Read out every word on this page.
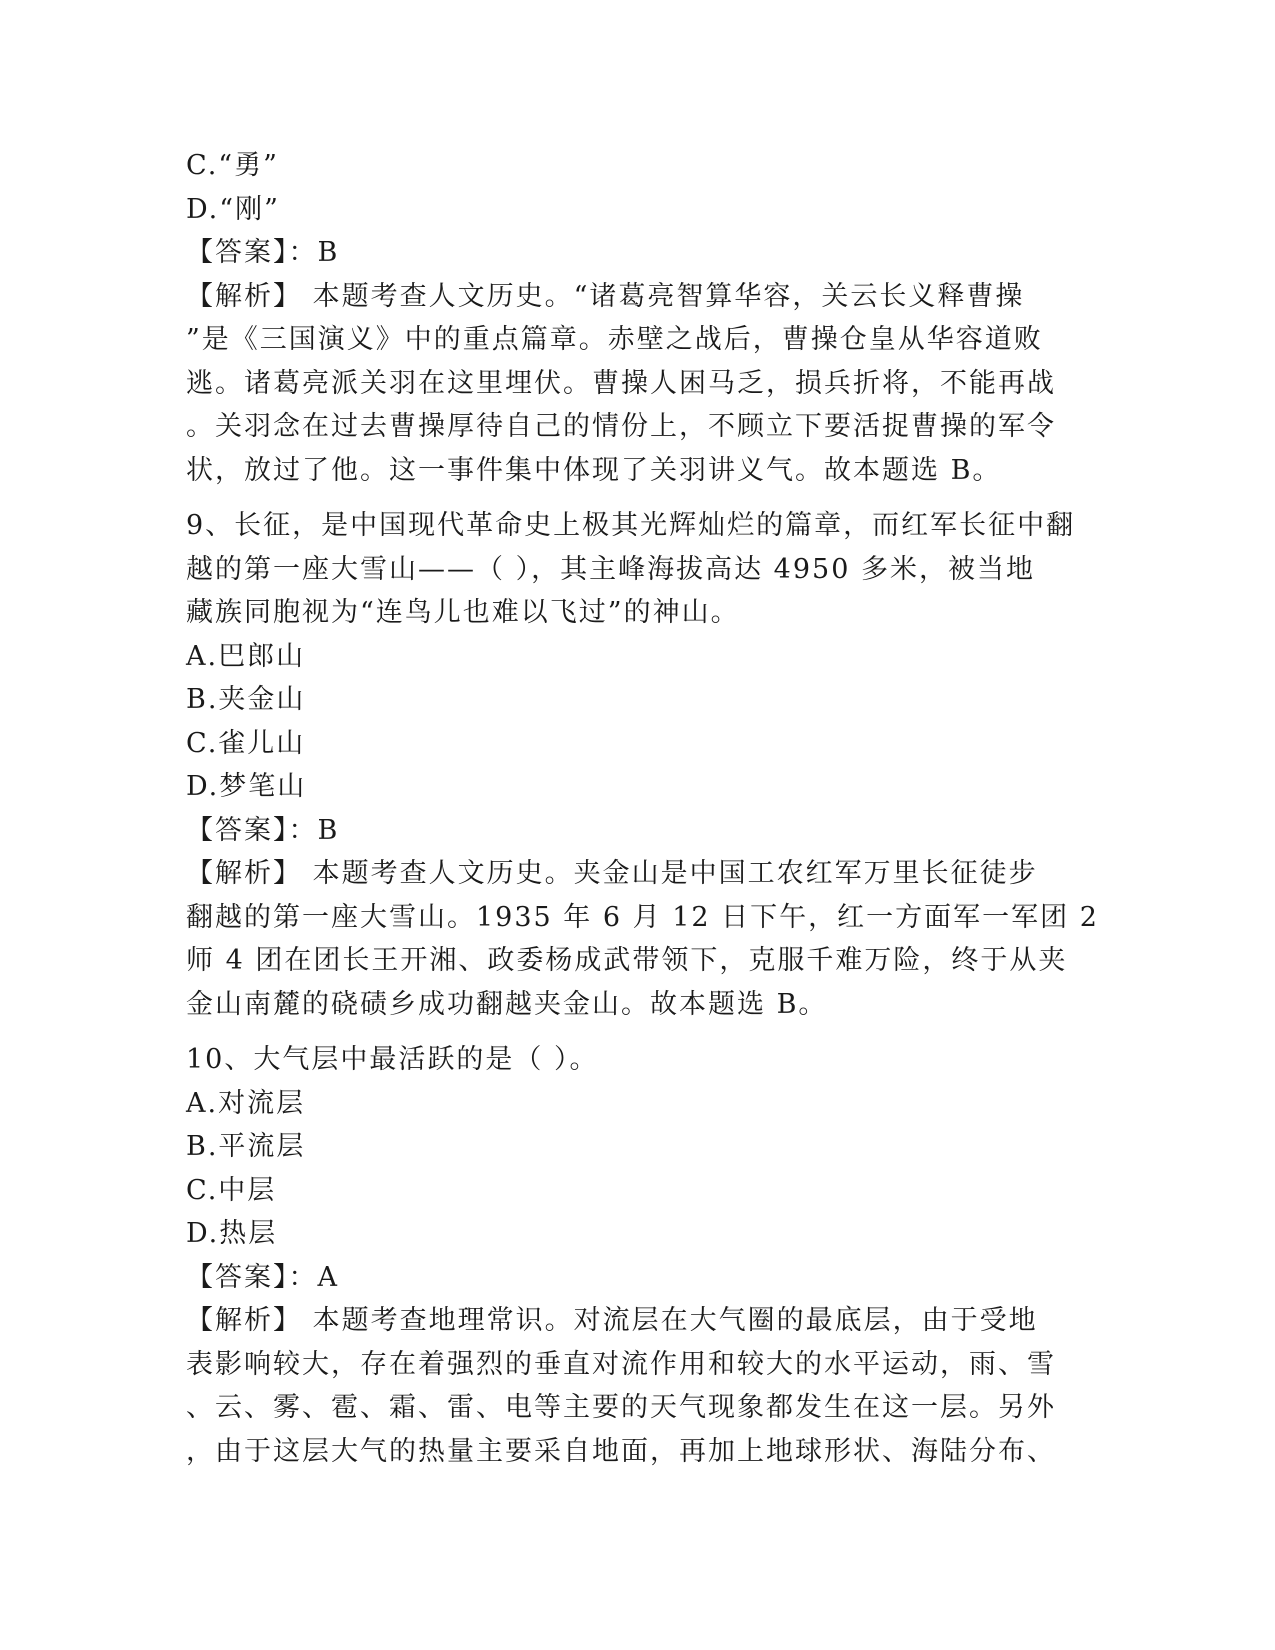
C.“勇”
D.“刚”
【答案】：B
【解析】 本题考查人文历史。“诸葛亮智算华容，关云长义释曹操
”是《三国演义》中的重点篇章。赤壁之战后，曹操仓皇从华容道败
逃。诸葛亮派关羽在这里埋伏。曹操人困马乏，损兵折将，不能再战
。关羽念在过去曹操厚待自己的情份上，不顾立下要活捉曹操的军令
状，放过了他。这一事件集中体现了关羽讲义气。故本题选 B。
9、长征，是中国现代革命史上极其光辉灿烂的篇章，而红军长征中翻
越的第一座大雪山——（ ），其主峰海拔高达 4950 多米，被当地
藏族同胞视为“连鸟儿也难以飞过”的神山。
A.巴郎山
B.夹金山
C.雀儿山
D.梦笔山
【答案】：B
【解析】 本题考查人文历史。夹金山是中国工农红军万里长征徒步
翻越的第一座大雪山。1935 年 6 月 12 日下午，红一方面军一军团 2
师 4 团在团长王开湘、政委杨成武带领下，克服千难万险，终于从夹
金山南麓的硗碛乡成功翻越夹金山。故本题选 B。
10、大气层中最活跃的是（ ）。
A.对流层
B.平流层
C.中层
D.热层
【答案】：A
【解析】 本题考查地理常识。对流层在大气圈的最底层，由于受地
表影响较大，存在着强烈的垂直对流作用和较大的水平运动，雨、雪
、云、雾、雹、霜、雷、电等主要的天气现象都发生在这一层。另外
，由于这层大气的热量主要采自地面，再加上地球形状、海陆分布、
